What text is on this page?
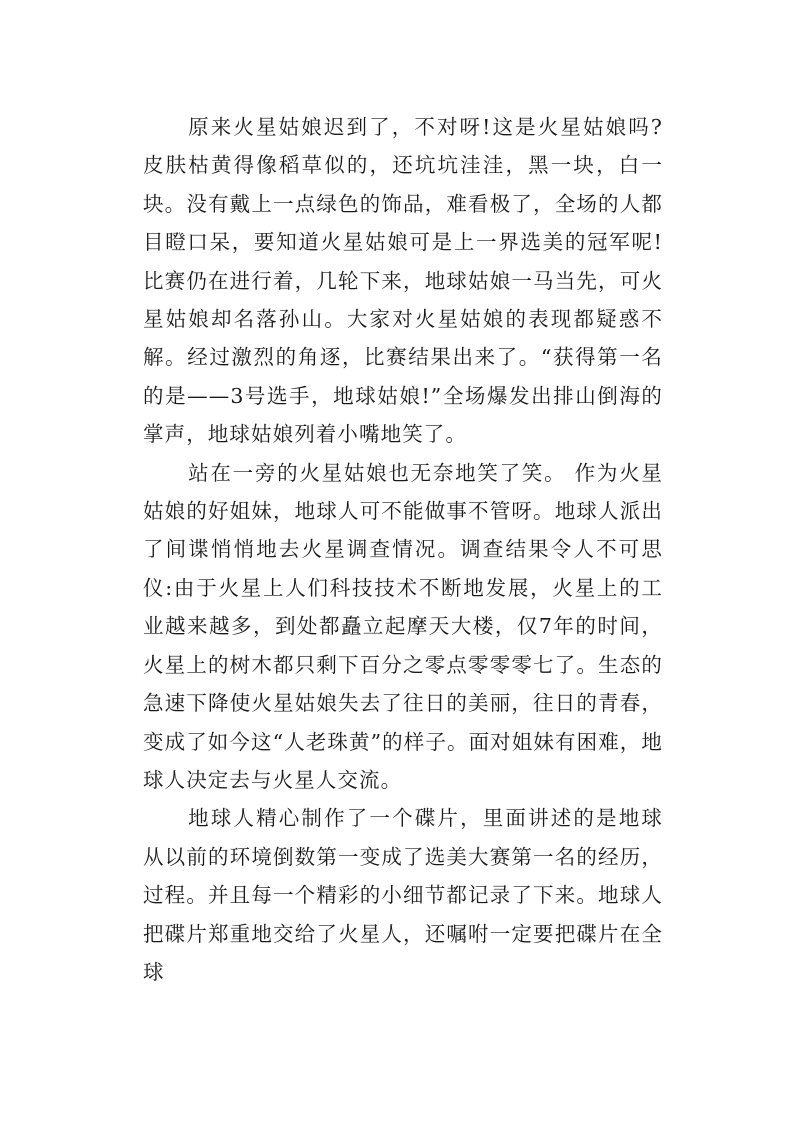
原来火星姑娘迟到了，不对呀!这是火星姑娘吗?皮肤枯黄得像稻草似的，还坑坑洼洼，黑一块，白一块。没有戴上一点绿色的饰品，难看极了，全场的人都目瞪口呆，要知道火星姑娘可是上一界选美的冠军呢!比赛仍在进行着，几轮下来，地球姑娘一马当先，可火星姑娘却名落孙山。大家对火星姑娘的表现都疑惑不解。经过激烈的角逐，比赛结果出来了。“获得第一名的是——3号选手，地球姑娘!”全场爆发出排山倒海的掌声，地球姑娘列着小嘴地笑了。

站在一旁的火星姑娘也无奈地笑了笑。 作为火星姑娘的好姐妹，地球人可不能做事不管呀。地球人派出了间谍悄悄地去火星调查情况。调查结果令人不可思仪:由于火星上人们科技技术不断地发展，火星上的工业越来越多，到处都矗立起摩天大楼，仅7年的时间，火星上的树木都只剩下百分之零点零零零七了。生态的急速下降使火星姑娘失去了往日的美丽，往日的青春，变成了如今这“人老珠黄”的样子。面对姐妹有困难，地球人决定去与火星人交流。

地球人精心制作了一个碟片，里面讲述的是地球从以前的环境倒数第一变成了选美大赛第一名的经历，过程。并且每一个精彩的小细节都记录了下来。地球人把碟片郑重地交给了火星人，还嘱咐一定要把碟片在全球
